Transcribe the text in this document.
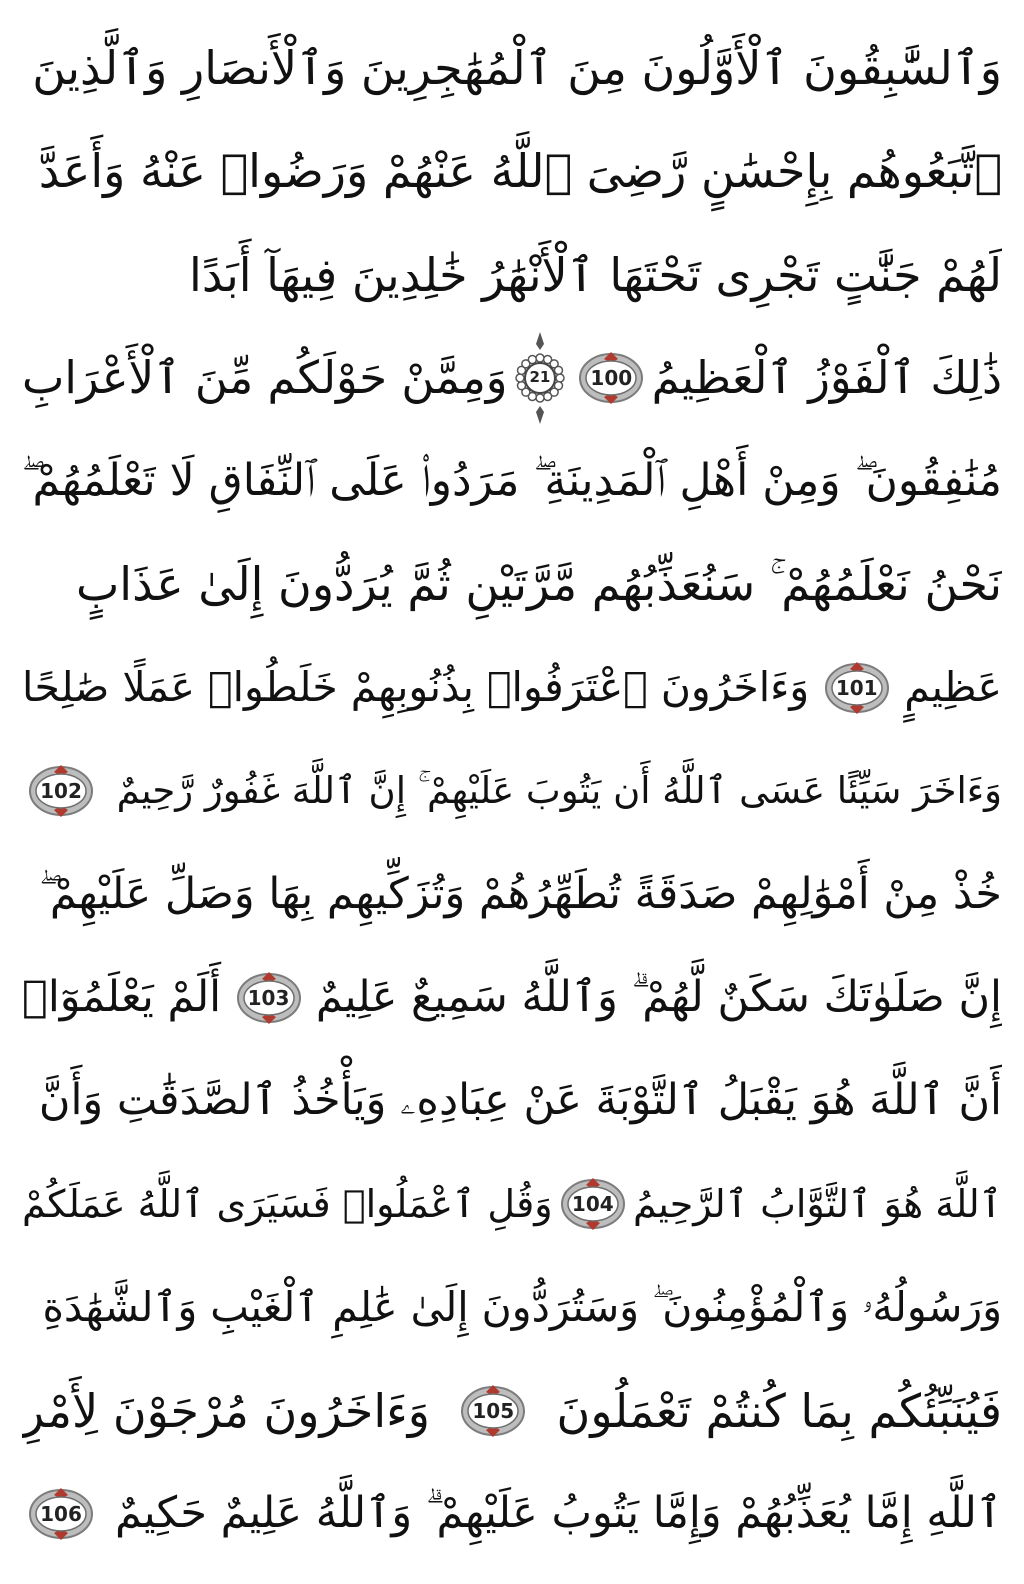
وَٱلسَّٰبِقُونَ ٱلْأَوَّلُونَ مِنَ ٱلْمُهَٰجِرِينَ وَٱلْأَنصَارِ وَٱلَّذِينَ
ٱتَّبَعُوهُم بِإِحْسَٰنٍ رَّضِىَ ٱللَّهُ عَنْهُمْ وَرَضُوا۟ عَنْهُ وَأَعَدَّ
لَهُمْ جَنَّٰتٍ تَجْرِى تَحْتَهَا ٱلْأَنْهَٰرُ خَٰلِدِينَ فِيهَآ أَبَدًا
ذَٰلِكَ ٱلْفَوْزُ ٱلْعَظِيمُ
100
21
وَمِمَّنْ حَوْلَكُم مِّنَ ٱلْأَعْرَابِ
مُنَٰفِقُونَ ۖ وَمِنْ أَهْلِ ٱلْمَدِينَةِ ۖ مَرَدُوا۟ عَلَى ٱلنِّفَاقِ لَا تَعْلَمُهُمْ ۖ
نَحْنُ نَعْلَمُهُمْ ۚ سَنُعَذِّبُهُم مَّرَّتَيْنِ ثُمَّ يُرَدُّونَ إِلَىٰ عَذَابٍ
عَظِيمٍ
101
وَءَاخَرُونَ ٱعْتَرَفُوا۟ بِذُنُوبِهِمْ خَلَطُوا۟ عَمَلًا صَٰلِحًا
وَءَاخَرَ سَيِّئًا عَسَى ٱللَّهُ أَن يَتُوبَ عَلَيْهِمْ ۚ إِنَّ ٱللَّهَ غَفُورٌ رَّحِيمٌ
102
خُذْ مِنْ أَمْوَٰلِهِمْ صَدَقَةً تُطَهِّرُهُمْ وَتُزَكِّيهِم بِهَا وَصَلِّ عَلَيْهِمْ ۖ
إِنَّ صَلَوٰتَكَ سَكَنٌ لَّهُمْ ۗ وَٱللَّهُ سَمِيعٌ عَلِيمٌ
103
أَلَمْ يَعْلَمُوٓا۟
أَنَّ ٱللَّهَ هُوَ يَقْبَلُ ٱلتَّوْبَةَ عَنْ عِبَادِهِۦ وَيَأْخُذُ ٱلصَّدَقَٰتِ وَأَنَّ
ٱللَّهَ هُوَ ٱلتَّوَّابُ ٱلرَّحِيمُ
104
وَقُلِ ٱعْمَلُوا۟ فَسَيَرَى ٱللَّهُ عَمَلَكُمْ
وَرَسُولُهُۥ وَٱلْمُؤْمِنُونَ ۖ وَسَتُرَدُّونَ إِلَىٰ عَٰلِمِ ٱلْغَيْبِ وَٱلشَّهَٰدَةِ
فَيُنَبِّئُكُم بِمَا كُنتُمْ تَعْمَلُونَ
105
وَءَاخَرُونَ مُرْجَوْنَ لِأَمْرِ
ٱللَّهِ إِمَّا يُعَذِّبُهُمْ وَإِمَّا يَتُوبُ عَلَيْهِمْ ۗ وَٱللَّهُ عَلِيمٌ حَكِيمٌ
106
